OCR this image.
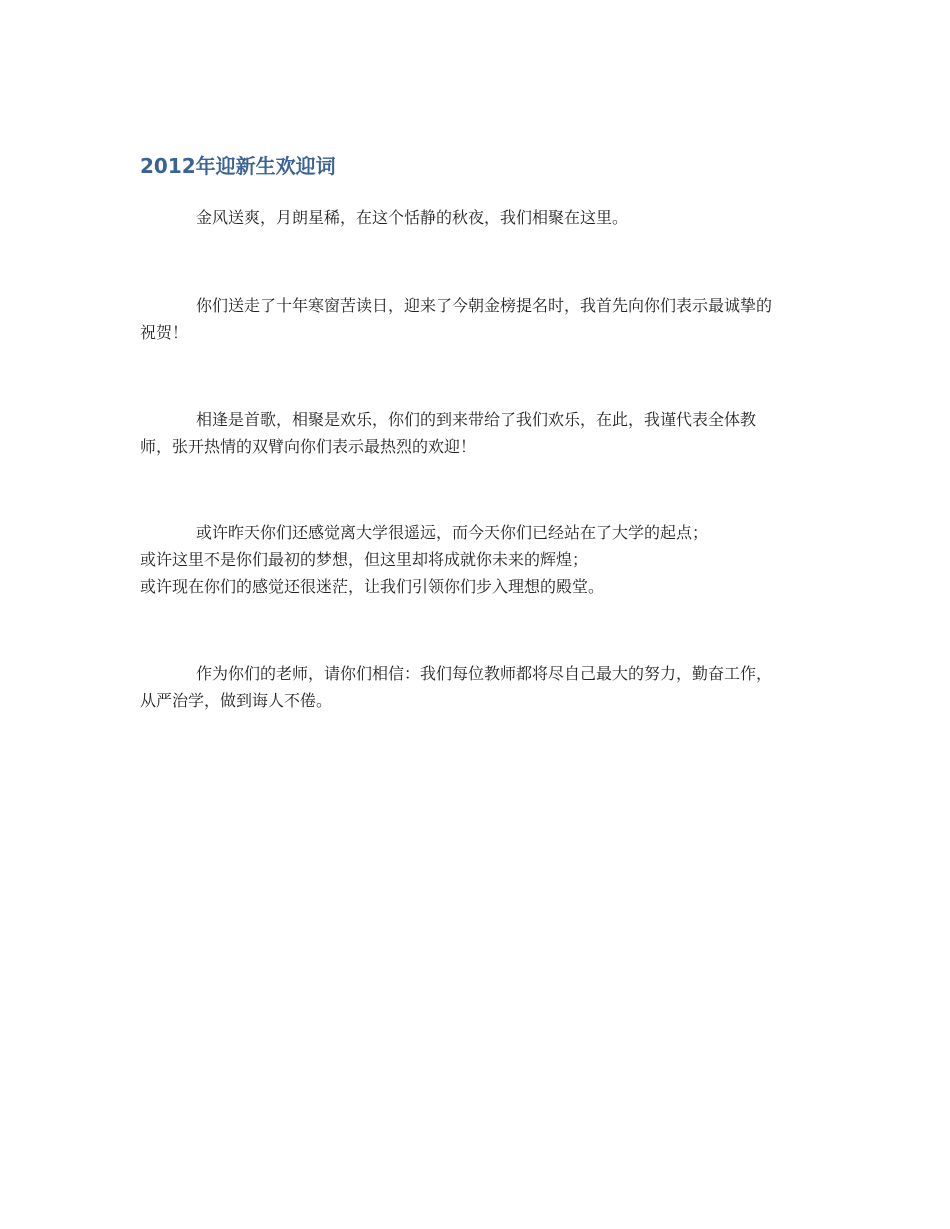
2012年迎新生欢迎词

金风送爽，月朗星稀，在这个恬静的秋夜，我们相聚在这里。

你们送走了十年寒窗苦读日，迎来了今朝金榜提名时，我首先向你们表示最诚挚的
祝贺！

相逢是首歌，相聚是欢乐，你们的到来带给了我们欢乐，在此，我谨代表全体教
师，张开热情的双臂向你们表示最热烈的欢迎！

或许昨天你们还感觉离大学很遥远，而今天你们已经站在了大学的起点；
或许这里不是你们最初的梦想，但这里却将成就你未来的辉煌；
或许现在你们的感觉还很迷茫，让我们引领你们步入理想的殿堂。

作为你们的老师，请你们相信：我们每位教师都将尽自己最大的努力，勤奋工作，
从严治学，做到诲人不倦。
